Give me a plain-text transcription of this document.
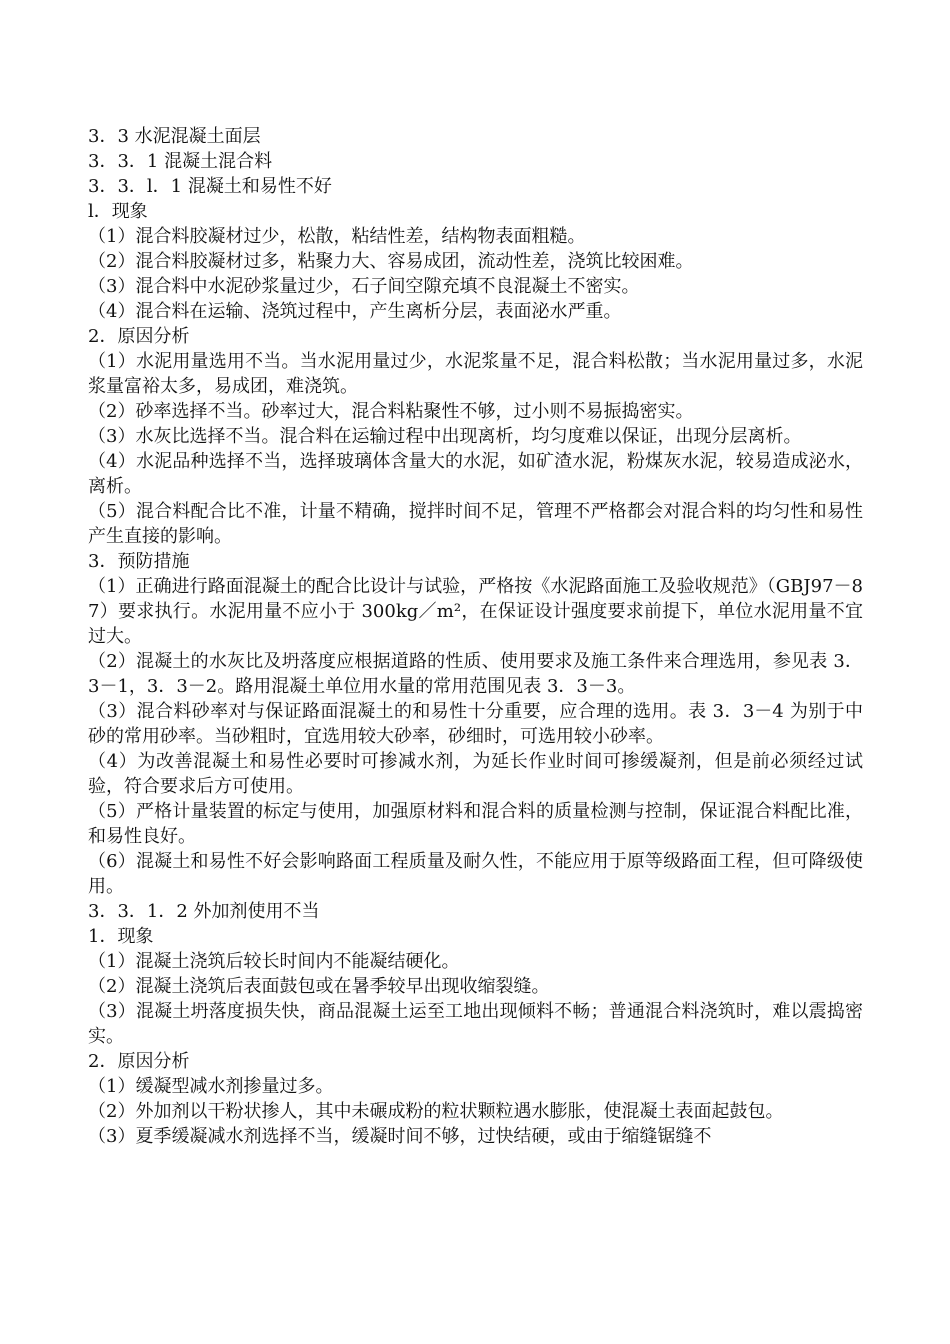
3．3 水泥混凝土面层

3．3．1 混凝土混合料

3．3．l．1 混凝土和易性不好

l．现象

（1）混合料胶凝材过少，松散，粘结性差，结构物表面粗糙。

（2）混合料胶凝材过多，粘聚力大、容易成团，流动性差，浇筑比较困难。

（3）混合料中水泥砂浆量过少，石子间空隙充填不良混凝土不密实。

（4）混合料在运输、浇筑过程中，产生离析分层，表面泌水严重。

2．原因分析

（1）水泥用量选用不当。当水泥用量过少，水泥浆量不足，混合料松散；当水泥用量过多，水泥浆量富裕太多，易成团，难浇筑。

（2）砂率选择不当。砂率过大，混合料粘聚性不够，过小则不易振捣密实。

（3）水灰比选择不当。混合料在运输过程中出现离析，均匀度难以保证，出现分层离析。

（4）水泥品种选择不当，选择玻璃体含量大的水泥，如矿渣水泥，粉煤灰水泥，较易造成泌水，离析。

（5）混合料配合比不准，计量不精确，搅拌时间不足，管理不严格都会对混合料的均匀性和易性产生直接的影响。

3．预防措施

（1）正确进行路面混凝土的配合比设计与试验，严格按《水泥路面施工及验收规范》（GBJ97－87）要求执行。水泥用量不应小于 300kg／m²，在保证设计强度要求前提下，单位水泥用量不宜过大。

（2）混凝土的水灰比及坍落度应根据道路的性质、使用要求及施工条件来合理选用，参见表 3．3－1，3．3－2。路用混凝土单位用水量的常用范围见表 3．3－3。

（3）混合料砂率对与保证路面混凝土的和易性十分重要，应合理的选用。表 3．3－4 为别于中砂的常用砂率。当砂粗时，宜选用较大砂率，砂细时，可选用较小砂率。

（4）为改善混凝土和易性必要时可掺减水剂，为延长作业时间可掺缓凝剂，但是前必须经过试验，符合要求后方可使用。

（5）严格计量装置的标定与使用，加强原材料和混合料的质量检测与控制，保证混合料配比准，和易性良好。

（6）混凝土和易性不好会影响路面工程质量及耐久性，不能应用于原等级路面工程，但可降级使用。

3．3．1．2 外加剂使用不当

1．现象

（1）混凝土浇筑后较长时间内不能凝结硬化。

（2）混凝土浇筑后表面鼓包或在暑季较早出现收缩裂缝。

（3）混凝土坍落度损失快，商品混凝土运至工地出现倾料不畅；普通混合料浇筑时，难以震捣密实。

2．原因分析

（1）缓凝型减水剂掺量过多。

（2）外加剂以干粉状掺人，其中未碾成粉的粒状颗粒遇水膨胀，使混凝土表面起鼓包。

（3）夏季缓凝减水剂选择不当，缓凝时间不够，过快结硬，或由于缩缝锯缝不
